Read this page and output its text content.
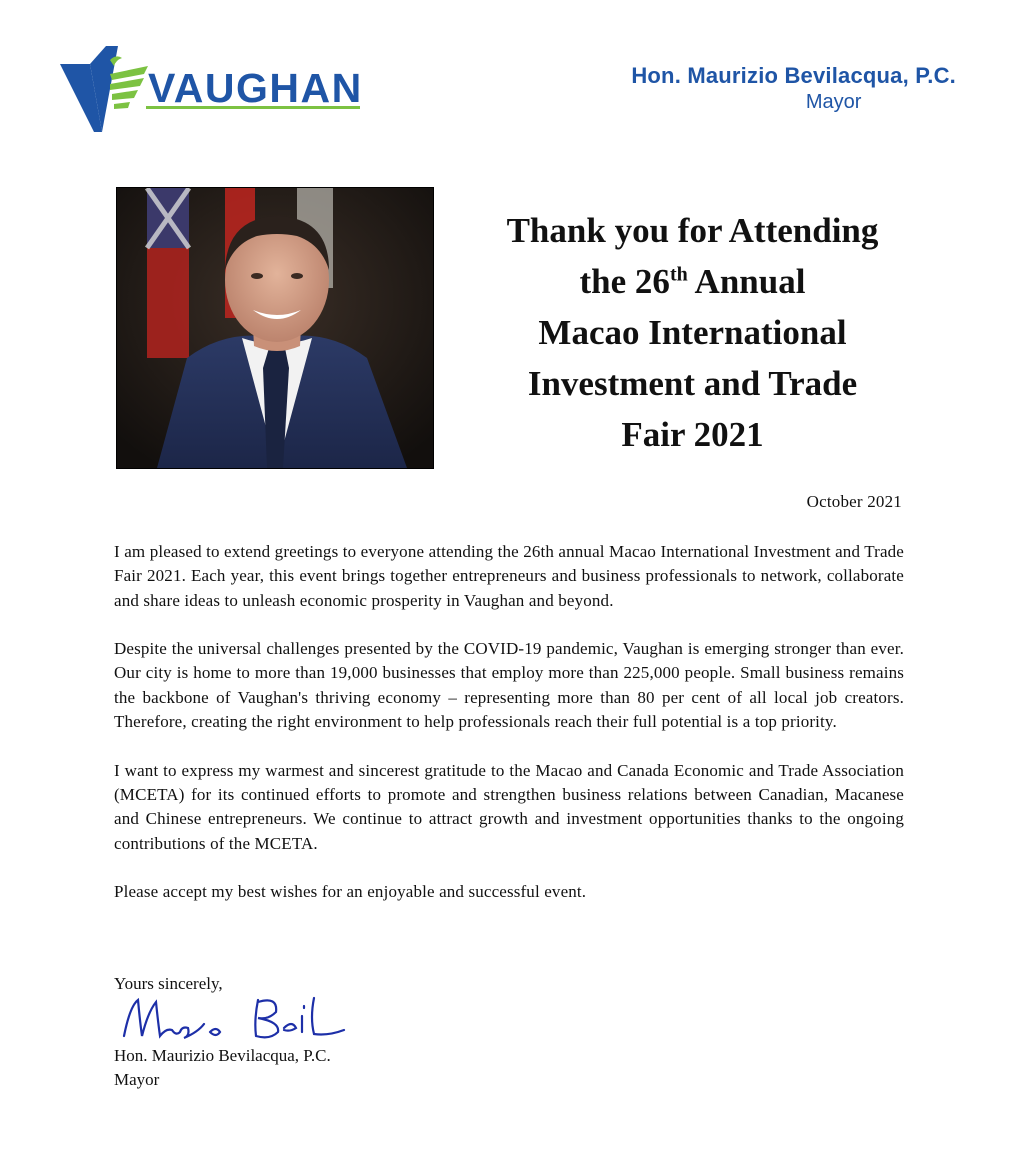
VAUGHAN	Hon. Maurizio Bevilacqua, P.C.
Mayor
Thank you for Attending
the 26th Annual
Macao International
Investment and Trade
Fair 2021
October 2021

I am pleased to extend greetings to everyone attending the 26th annual Macao International Investment and Trade Fair 2021. Each year, this event brings together entrepreneurs and business professionals to network, collaborate and share ideas to unleash economic prosperity in Vaughan and beyond.

Despite the universal challenges presented by the COVID-19 pandemic, Vaughan is emerging stronger than ever. Our city is home to more than 19,000 businesses that employ more than 225,000 people. Small business remains the backbone of Vaughan's thriving economy – representing more than 80 per cent of all local job creators. Therefore, creating the right environment to help professionals reach their full potential is a top priority.

I want to express my warmest and sincerest gratitude to the Macao and Canada Economic and Trade Association (MCETA) for its continued efforts to promote and strengthen business relations between Canadian, Macanese and Chinese entrepreneurs. We continue to attract growth and investment opportunities thanks to the ongoing contributions of the MCETA.

Please accept my best wishes for an enjoyable and successful event.

Yours sincerely,
Hon. Maurizio Bevilacqua, P.C.
Mayor
